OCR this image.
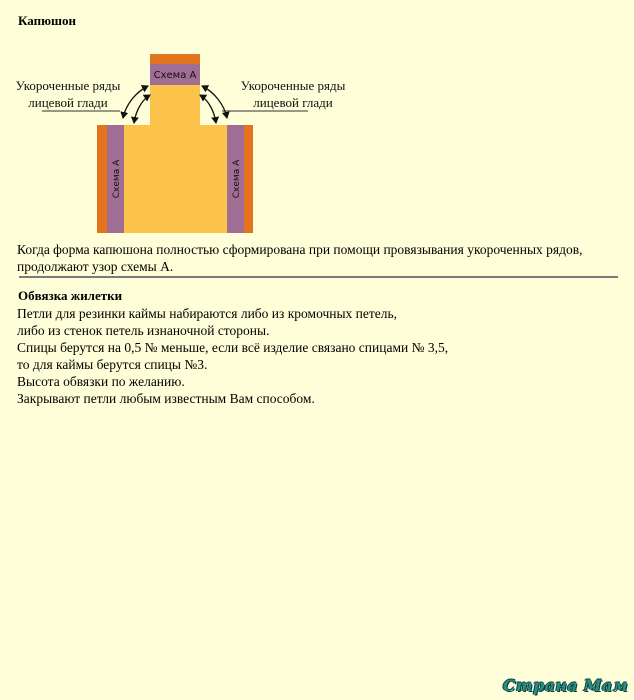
Капюшон
Схема А
Схема А	Схема А
Укороченные ряды
лицевой глади
Укороченные ряды
лицевой глади
Когда форма капюшона полностью сформирована при помощи провязывания укороченных рядов, продолжают узор схемы А.
Обвязка жилетки
Петли для резинки каймы набираются либо из кромочных петель,
либо из стенок петель изнаночной стороны.
Спицы берутся на 0,5 № меньше, если всё изделие связано спицами № 3,5,
то для каймы берутся спицы №3.
Высота обвязки по желанию.
Закрывают петли любым известным Вам способом.
Страна Мам
